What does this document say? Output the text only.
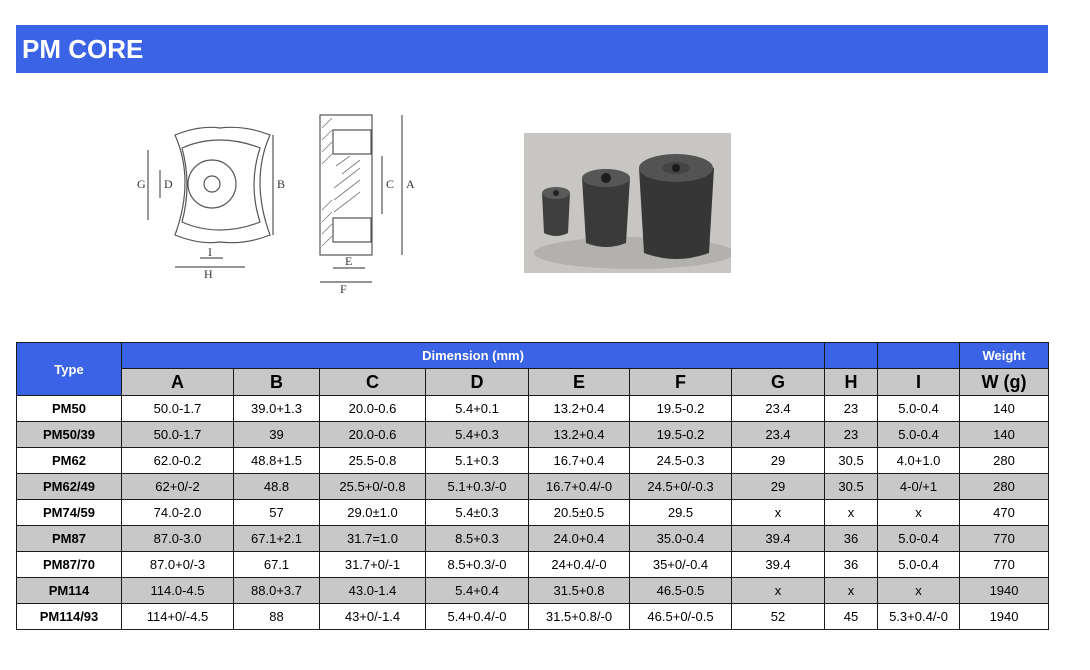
PM CORE
G D	B
I
H
C A
E
F
Type	Dimension (mm)									Weight
	A	B	C	D	E	F	G	H	I	W (g)
PM50	50.0-1.7	39.0+1.3	20.0-0.6	5.4+0.1	13.2+0.4	19.5-0.2	23.4	23	5.0-0.4	140
PM50/39	50.0-1.7	39	20.0-0.6	5.4+0.3	13.2+0.4	19.5-0.2	23.4	23	5.0-0.4	140
PM62	62.0-0.2	48.8+1.5	25.5-0.8	5.1+0.3	16.7+0.4	24.5-0.3	29	30.5	4.0+1.0	280
PM62/49	62+0/-2	48.8	25.5+0/-0.8	5.1+0.3/-0	16.7+0.4/-0	24.5+0/-0.3	29	30.5	4-0/+1	280
PM74/59	74.0-2.0	57	29.0±1.0	5.4±0.3	20.5±0.5	29.5	x	x	x	470
PM87	87.0-3.0	67.1+2.1	31.7=1.0	8.5+0.3	24.0+0.4	35.0-0.4	39.4	36	5.0-0.4	770
PM87/70	87.0+0/-3	67.1	31.7+0/-1	8.5+0.3/-0	24+0.4/-0	35+0/-0.4	39.4	36	5.0-0.4	770
PM114	114.0-4.5	88.0+3.7	43.0-1.4	5.4+0.4	31.5+0.8	46.5-0.5	x	x	x	1940
PM114/93	114+0/-4.5	88	43+0/-1.4	5.4+0.4/-0	31.5+0.8/-0	46.5+0/-0.5	52	45	5.3+0.4/-0	1940
